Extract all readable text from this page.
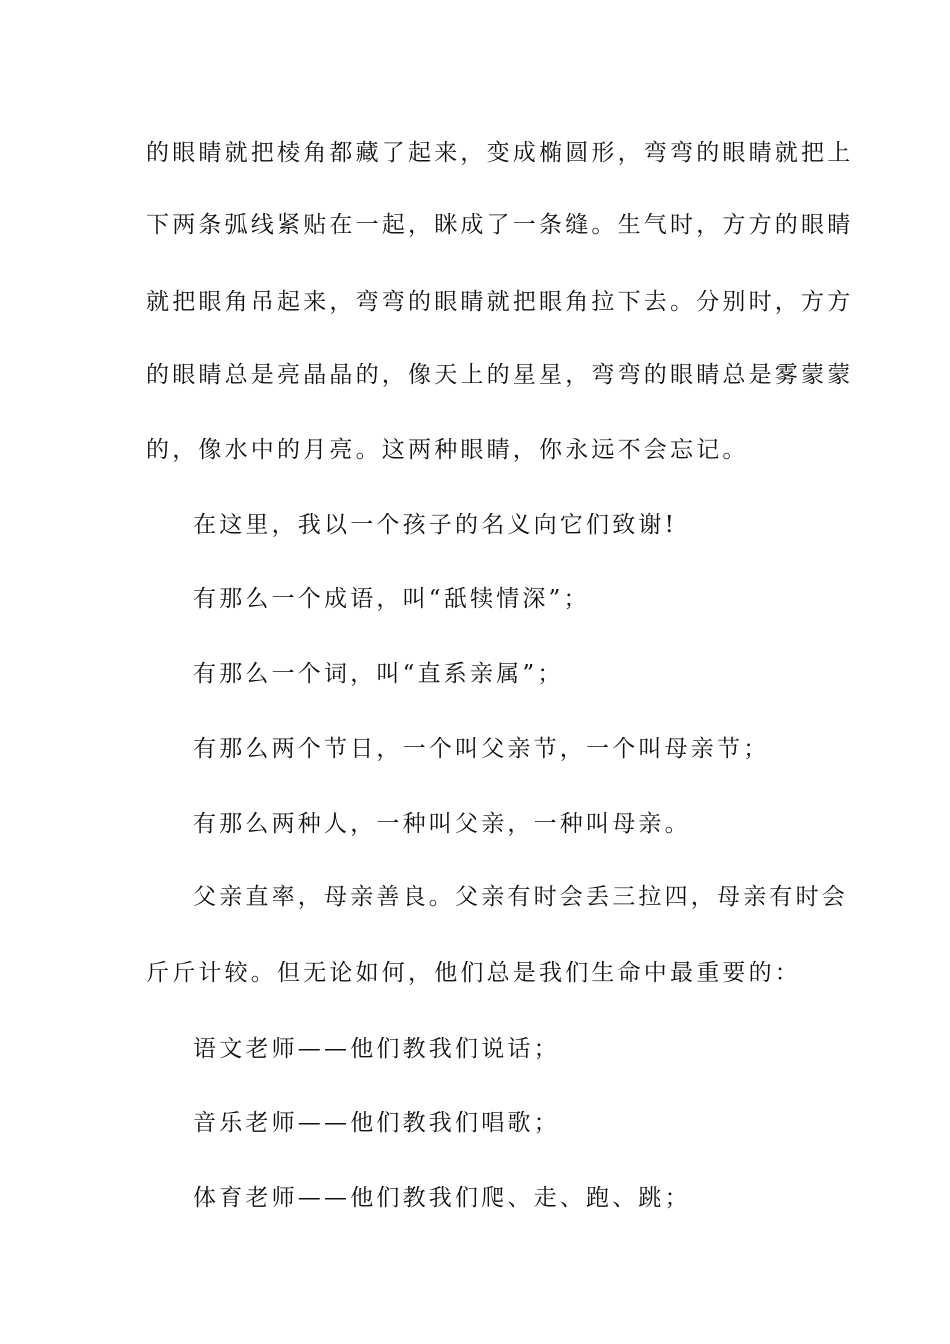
的眼睛就把棱角都藏了起来，变成椭圆形，弯弯的眼睛就把上
下两条弧线紧贴在一起，眯成了一条缝。生气时，方方的眼睛
就把眼角吊起来，弯弯的眼睛就把眼角拉下去。分别时，方方
的眼睛总是亮晶晶的，像天上的星星，弯弯的眼睛总是雾蒙蒙
的，像水中的月亮。这两种眼睛，你永远不会忘记。
在这里，我以一个孩子的名义向它们致谢!
有那么一个成语，叫“舐犊情深”；
有那么一个词，叫“直系亲属”；
有那么两个节日，一个叫父亲节，一个叫母亲节；
有那么两种人，一种叫父亲，一种叫母亲。
父亲直率，母亲善良。父亲有时会丢三拉四，母亲有时会
斤斤计较。但无论如何，他们总是我们生命中最重要的：
语文老师——他们教我们说话；
音乐老师——他们教我们唱歌；
体育老师——他们教我们爬、走、跑、跳；
